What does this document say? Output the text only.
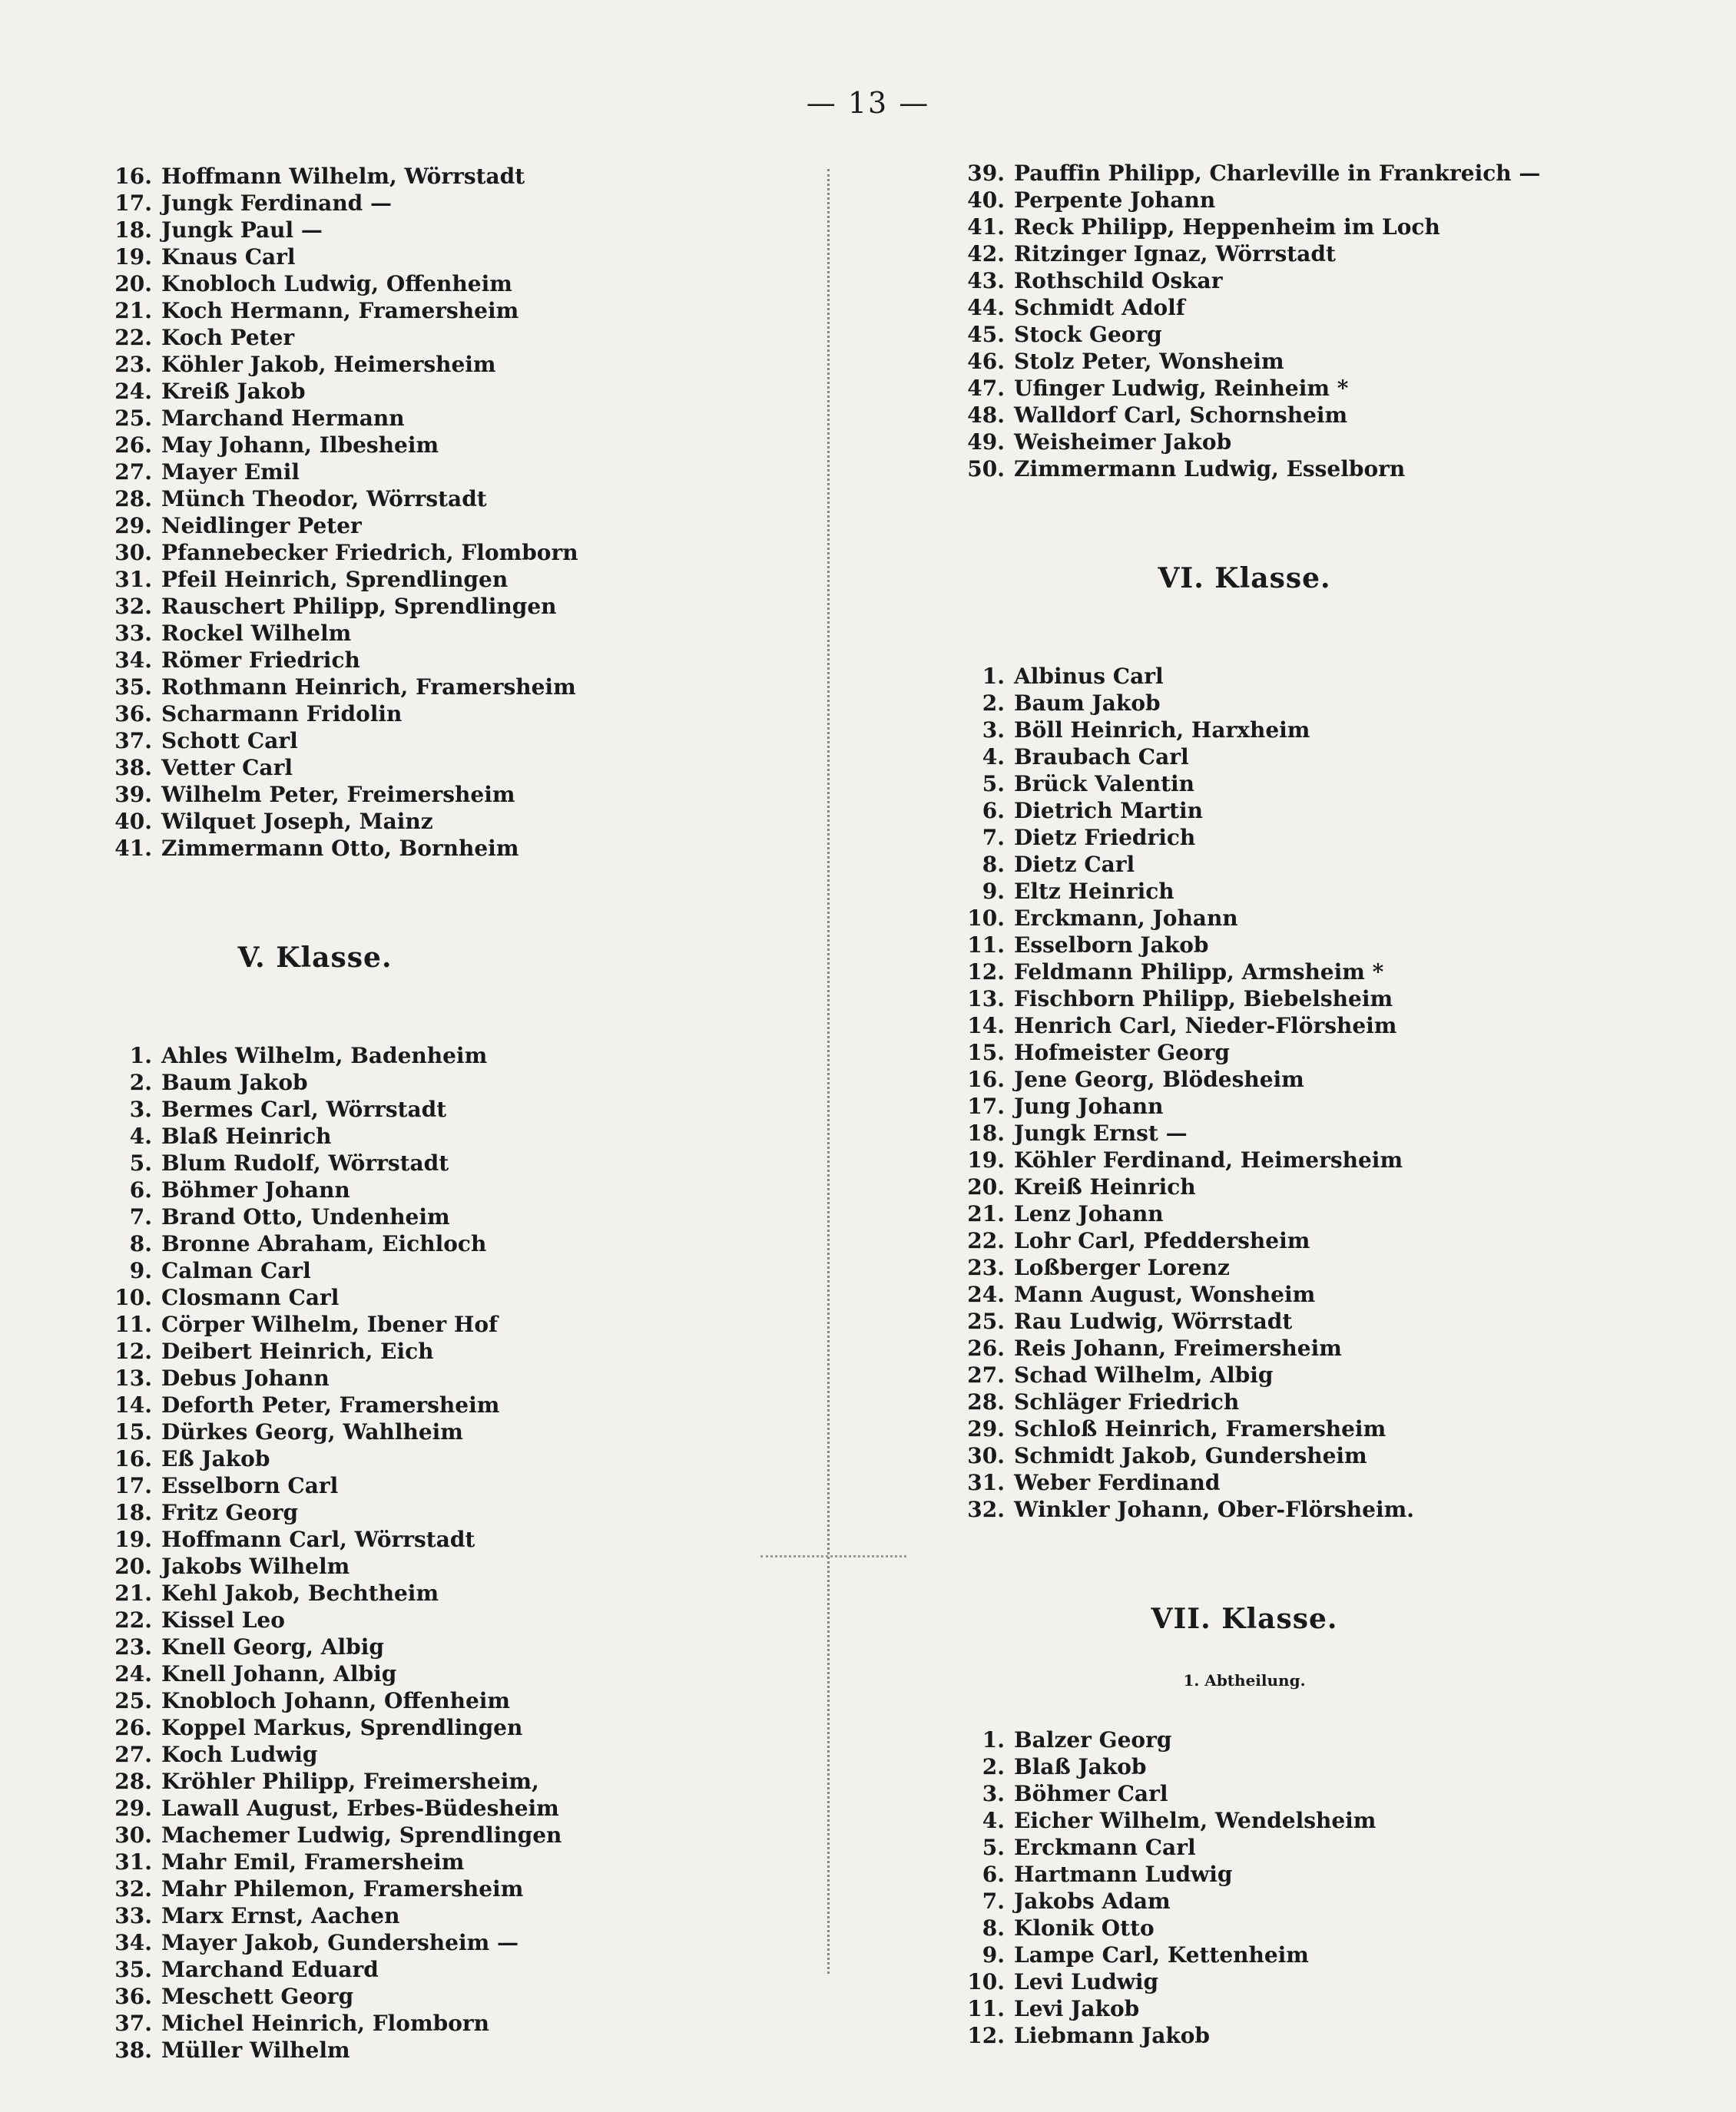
— 13 —
16. Hoffmann Wilhelm, Wörrstadt
17. Jungk Ferdinand —
18. Jungk Paul —
19. Knaus Carl
20. Knobloch Ludwig, Offenheim
21. Koch Hermann, Framersheim
22. Koch Peter
23. Köhler Jakob, Heimersheim
24. Kreiß Jakob
25. Marchand Hermann
26. May Johann, Ilbesheim
27. Mayer Emil
28. Münch Theodor, Wörrstadt
29. Neidlinger Peter
30. Pfannebecker Friedrich, Flomborn
31. Pfeil Heinrich, Sprendlingen
32. Rauschert Philipp, Sprendlingen
33. Rockel Wilhelm
34. Römer Friedrich
35. Rothmann Heinrich, Framersheim
36. Scharmann Fridolin
37. Schott Carl
38. Vetter Carl
39. Wilhelm Peter, Freimersheim
40. Wilquet Joseph, Mainz
41. Zimmermann Otto, Bornheim
V. Klasse.
1. Ahles Wilhelm, Badenheim
2. Baum Jakob
3. Bermes Carl, Wörrstadt
4. Blaß Heinrich
5. Blum Rudolf, Wörrstadt
6. Böhmer Johann
7. Brand Otto, Undenheim
8. Bronne Abraham, Eichloch
9. Calman Carl
10. Closmann Carl
11. Cörper Wilhelm, Ibener Hof
12. Deibert Heinrich, Eich
13. Debus Johann
14. Deforth Peter, Framersheim
15. Dürkes Georg, Wahlheim
16. Eß Jakob
17. Esselborn Carl
18. Fritz Georg
19. Hoffmann Carl, Wörrstadt
20. Jakobs Wilhelm
21. Kehl Jakob, Bechtheim
22. Kissel Leo
23. Knell Georg, Albig
24. Knell Johann, Albig
25. Knobloch Johann, Offenheim
26. Koppel Markus, Sprendlingen
27. Koch Ludwig
28. Kröhler Philipp, Freimersheim,
29. Lawall August, Erbes-Büdesheim
30. Machemer Ludwig, Sprendlingen
31. Mahr Emil, Framersheim
32. Mahr Philemon, Framersheim
33. Marx Ernst, Aachen
34. Mayer Jakob, Gundersheim —
35. Marchand Eduard
36. Meschett Georg
37. Michel Heinrich, Flomborn
38. Müller Wilhelm
39. Pauffin Philipp, Charleville in Frankreich —
40. Perpente Johann
41. Reck Philipp, Heppenheim im Loch
42. Ritzinger Ignaz, Wörrstadt
43. Rothschild Oskar
44. Schmidt Adolf
45. Stock Georg
46. Stolz Peter, Wonsheim
47. Ufinger Ludwig, Reinheim *
48. Walldorf Carl, Schornsheim
49. Weisheimer Jakob
50. Zimmermann Ludwig, Esselborn
VI. Klasse.
1. Albinus Carl
2. Baum Jakob
3. Böll Heinrich, Harxheim
4. Braubach Carl
5. Brück Valentin
6. Dietrich Martin
7. Dietz Friedrich
8. Dietz Carl
9. Eltz Heinrich
10. Erckmann, Johann
11. Esselborn Jakob
12. Feldmann Philipp, Armsheim *
13. Fischborn Philipp, Biebelsheim
14. Henrich Carl, Nieder-Flörsheim
15. Hofmeister Georg
16. Jene Georg, Blödesheim
17. Jung Johann
18. Jungk Ernst —
19. Köhler Ferdinand, Heimersheim
20. Kreiß Heinrich
21. Lenz Johann
22. Lohr Carl, Pfeddersheim
23. Loßberger Lorenz
24. Mann August, Wonsheim
25. Rau Ludwig, Wörrstadt
26. Reis Johann, Freimersheim
27. Schad Wilhelm, Albig
28. Schläger Friedrich
29. Schloß Heinrich, Framersheim
30. Schmidt Jakob, Gundersheim
31. Weber Ferdinand
32. Winkler Johann, Ober-Flörsheim.
VII. Klasse.
1. Abtheilung.
1. Balzer Georg
2. Blaß Jakob
3. Böhmer Carl
4. Eicher Wilhelm, Wendelsheim
5. Erckmann Carl
6. Hartmann Ludwig
7. Jakobs Adam
8. Klonik Otto
9. Lampe Carl, Kettenheim
10. Levi Ludwig
11. Levi Jakob
12. Liebmann Jakob
